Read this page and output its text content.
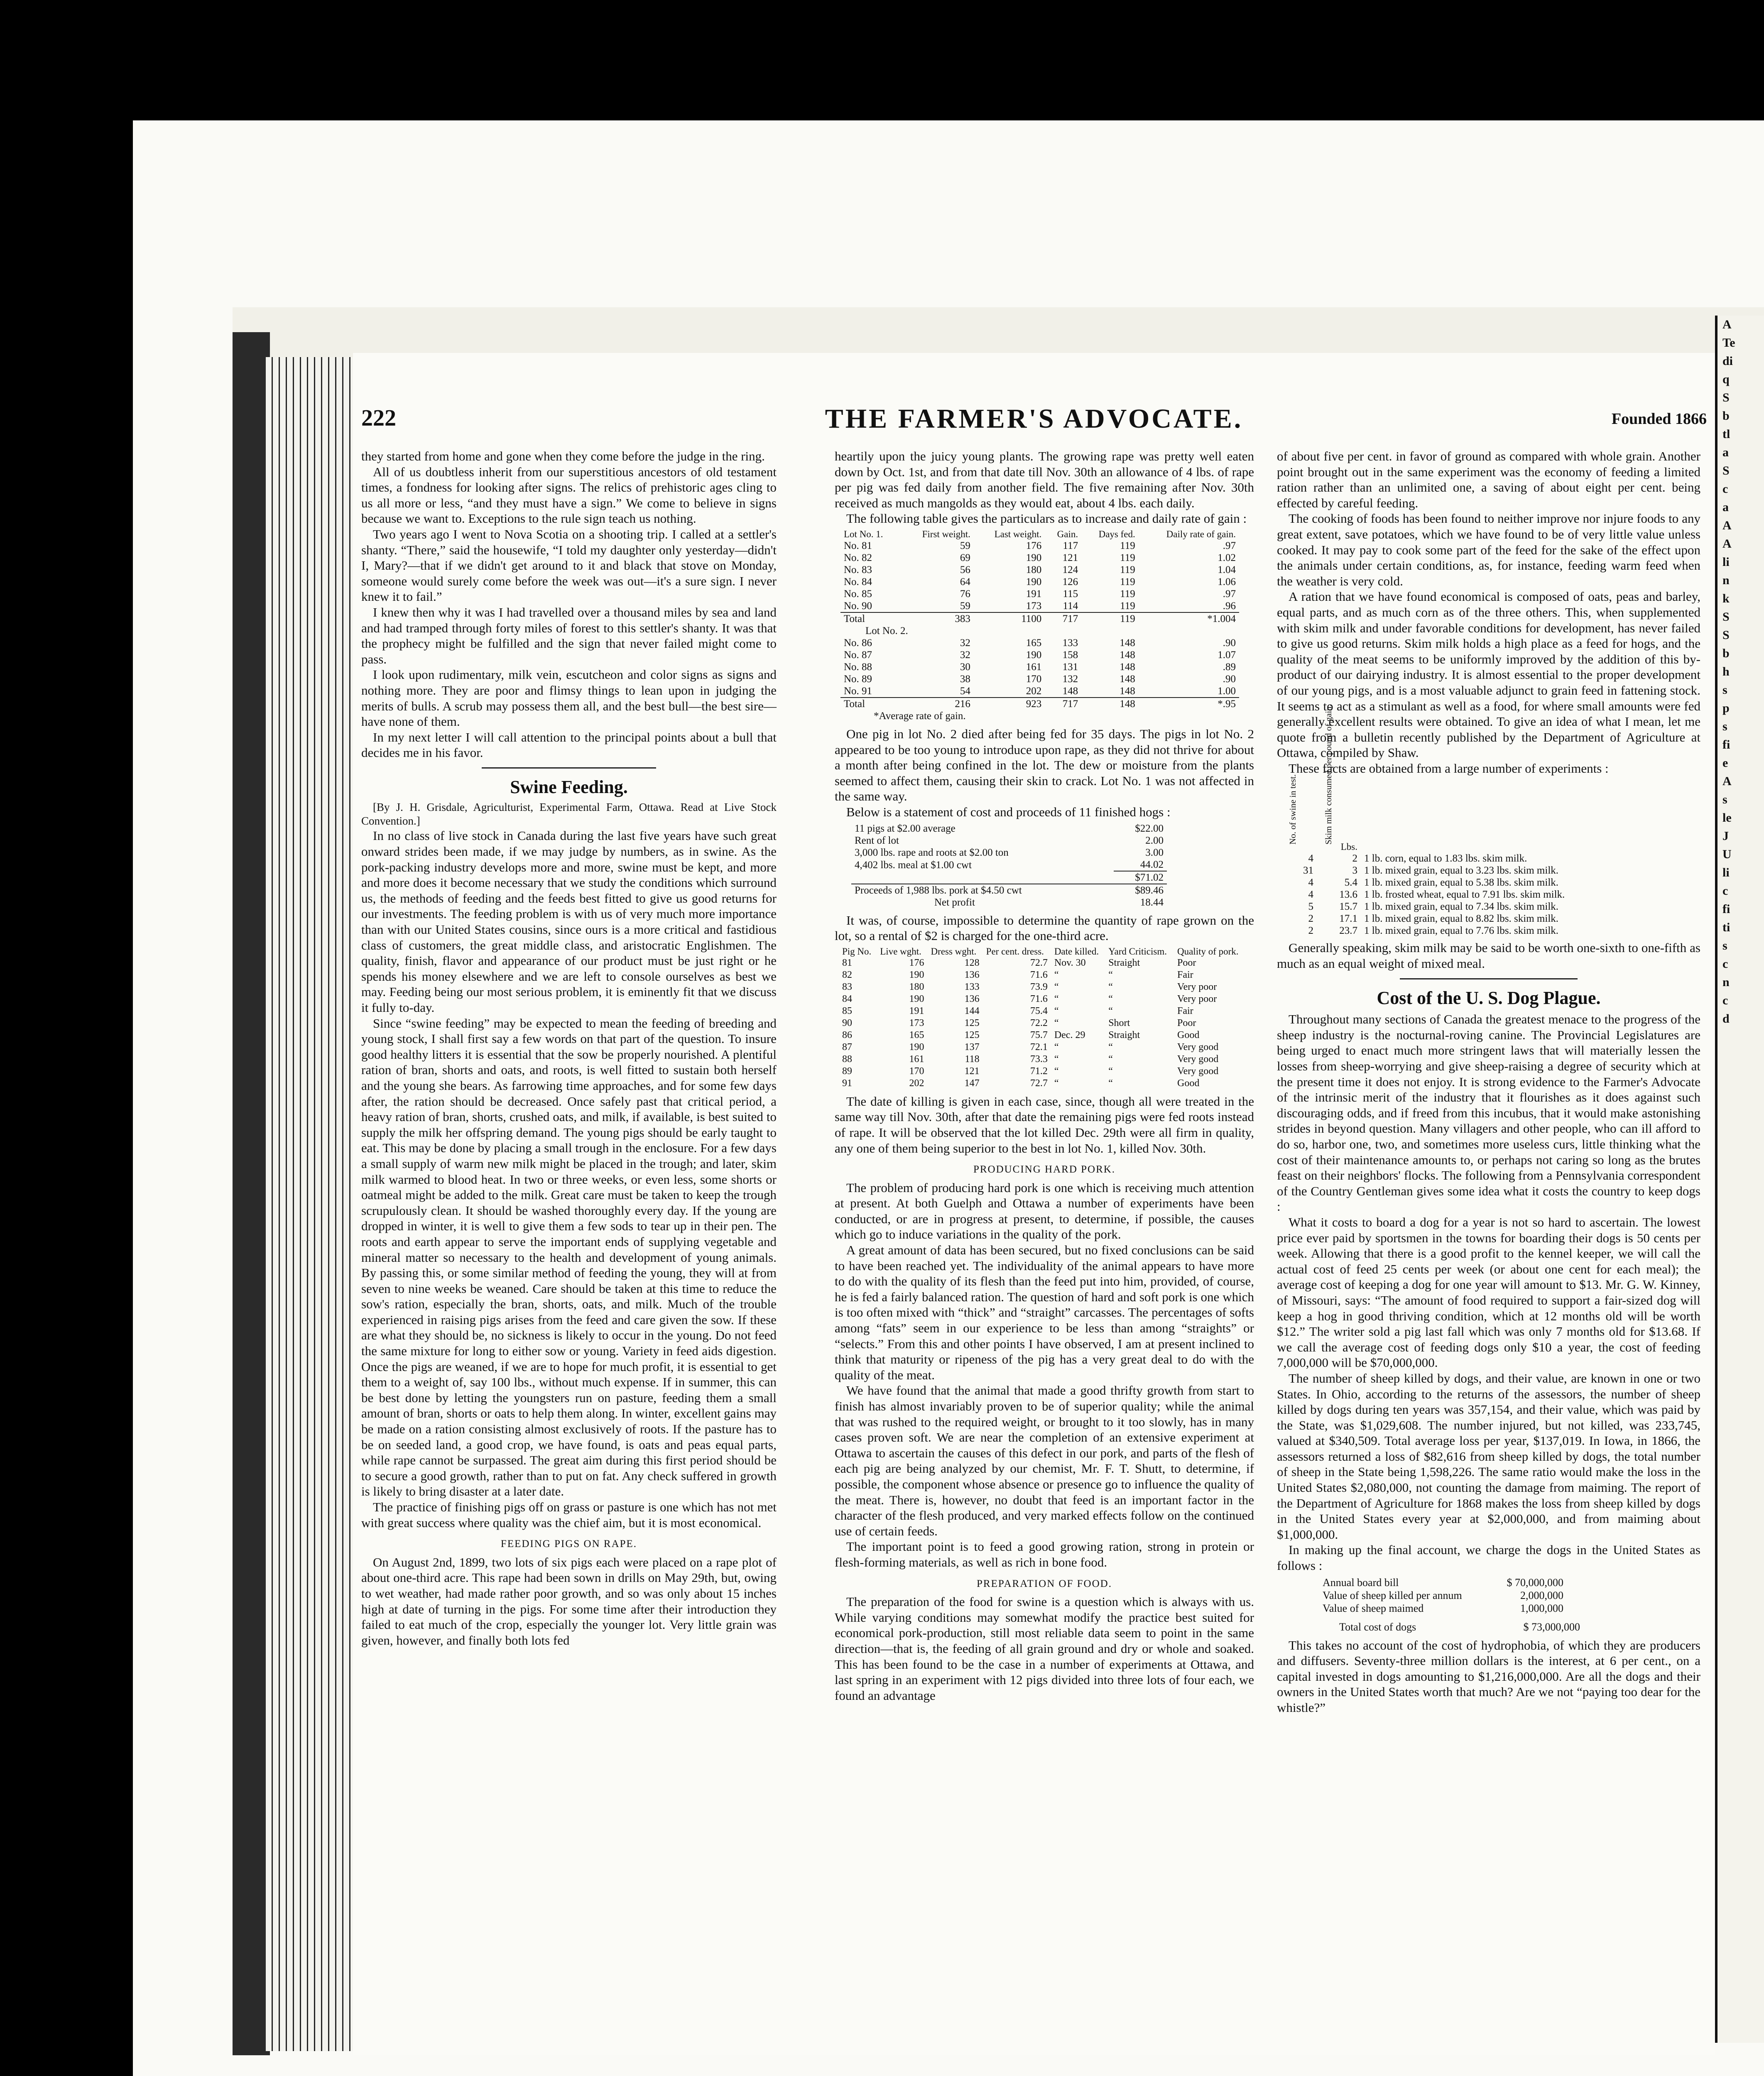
A
Te
di
q
S
b
tl
a
S
c
a
A
A
li
n
k
S
S
b
h
s
p
s
fi
e
A
s
le
J
U
li
c
fi
ti
s
c
n
c
d
222	THE FARMER'S ADVOCATE.	Founded 1866

they started from home and gone when they come before the judge in the ring.

All of us doubtless inherit from our superstitious ancestors of old testament times, a fondness for looking after signs. The relics of prehistoric ages cling to us all more or less, “and they must have a sign.” We come to believe in signs because we want to. Exceptions to the rule sign teach us nothing.

Two years ago I went to Nova Scotia on a shooting trip. I called at a settler's shanty. “There,” said the housewife, “I told my daughter only yesterday—didn't I, Mary?—that if we didn't get around to it and black that stove on Monday, someone would surely come before the week was out—it's a sure sign. I never knew it to fail.”

I knew then why it was I had travelled over a thousand miles by sea and land and had tramped through forty miles of forest to this settler's shanty. It was that the prophecy might be fulfilled and the sign that never failed might come to pass.

I look upon rudimentary, milk vein, escutcheon and color signs as signs and nothing more. They are poor and flimsy things to lean upon in judging the merits of bulls. A scrub may possess them all, and the best bull—the best sire—have none of them.

In my next letter I will call attention to the principal points about a bull that decides me in his favor.

Swine Feeding.

[By J. H. Grisdale, Agriculturist, Experimental Farm, Ottawa. Read at Live Stock Convention.]

In no class of live stock in Canada during the last five years have such great onward strides been made, if we may judge by numbers, as in swine. As the pork-packing industry develops more and more, swine must be kept, and more and more does it become necessary that we study the conditions which surround us, the methods of feeding and the feeds best fitted to give us good returns for our investments. The feeding problem is with us of very much more importance than with our United States cousins, since ours is a more critical and fastidious class of customers, the great middle class, and aristocratic Englishmen. The quality, finish, flavor and appearance of our product must be just right or he spends his money elsewhere and we are left to console ourselves as best we may. Feeding being our most serious problem, it is eminently fit that we discuss it fully to-day.

Since “swine feeding” may be expected to mean the feeding of breeding and young stock, I shall first say a few words on that part of the question. To insure good healthy litters it is essential that the sow be properly nourished. A plentiful ration of bran, shorts and oats, and roots, is well fitted to sustain both herself and the young she bears. As farrowing time approaches, and for some few days after, the ration should be decreased. Once safely past that critical period, a heavy ration of bran, shorts, crushed oats, and milk, if available, is best suited to supply the milk her offspring demand. The young pigs should be early taught to eat. This may be done by placing a small trough in the enclosure. For a few days a small supply of warm new milk might be placed in the trough; and later, skim milk warmed to blood heat. In two or three weeks, or even less, some shorts or oatmeal might be added to the milk. Great care must be taken to keep the trough scrupulously clean. It should be washed thoroughly every day. If the young are dropped in winter, it is well to give them a few sods to tear up in their pen. The roots and earth appear to serve the important ends of supplying vegetable and mineral matter so necessary to the health and development of young animals. By passing this, or some similar method of feeding the young, they will at from seven to nine weeks be weaned. Care should be taken at this time to reduce the sow's ration, especially the bran, shorts, oats, and milk. Much of the trouble experienced in raising pigs arises from the feed and care given the sow. If these are what they should be, no sickness is likely to occur in the young. Do not feed the same mixture for long to either sow or young. Variety in feed aids digestion. Once the pigs are weaned, if we are to hope for much profit, it is essential to get them to a weight of, say 100 lbs., without much expense. If in summer, this can be best done by letting the youngsters run on pasture, feeding them a small amount of bran, shorts or oats to help them along. In winter, excellent gains may be made on a ration consisting almost exclusively of roots. If the pasture has to be on seeded land, a good crop, we have found, is oats and peas equal parts, while rape cannot be surpassed. The great aim during this first period should be to secure a good growth, rather than to put on fat. Any check suffered in growth is likely to bring disaster at a later date.

The practice of finishing pigs off on grass or pasture is one which has not met with great success where quality was the chief aim, but it is most economical.

FEEDING PIGS ON RAPE.

On August 2nd, 1899, two lots of six pigs each were placed on a rape plot of about one-third acre. This rape had been sown in drills on May 29th, but, owing to wet weather, had made rather poor growth, and so was only about 15 inches high at date of turning in the pigs. For some time after their introduction they failed to eat much of the crop, especially the younger lot. Very little grain was given, however, and finally both lots fed

heartily upon the juicy young plants. The growing rape was pretty well eaten down by Oct. 1st, and from that date till Nov. 30th an allowance of 4 lbs. of rape per pig was fed daily from another field. The five remaining after Nov. 30th received as much mangolds as they would eat, about 4 lbs. each daily.

The following table gives the particulars as to increase and daily rate of gain :

Lot No. 1.	First weight.	Last weight.	Gain.	Days fed.	Daily rate of gain.
No. 81	59	176	117	119	.97
No. 82	69	190	121	119	1.02
No. 83	56	180	124	119	1.04
No. 84	64	190	126	119	1.06
No. 85	76	191	115	119	.97
No. 90	59	173	114	119	.96
Total	383	1100	717	119	*1.004
Lot No. 2.					
No. 86	32	165	133	148	.90
No. 87	32	190	158	148	1.07
No. 88	30	161	131	148	.89
No. 89	38	170	132	148	.90
No. 91	54	202	148	148	1.00
Total	216	923	717	148	*.95
*Average rate of gain.					

One pig in lot No. 2 died after being fed for 35 days. The pigs in lot No. 2 appeared to be too young to introduce upon rape, as they did not thrive for about a month after being confined in the lot. The dew or moisture from the plants seemed to affect them, causing their skin to crack. Lot No. 1 was not affected in the same way.

Below is a statement of cost and proceeds of 11 finished hogs :

11 pigs at $2.00 average	$22.00
Rent of lot	2.00
3,000 lbs. rape and roots at $2.00 ton	3.00
4,402 lbs. meal at $1.00 cwt	44.02
	$71.02
Proceeds of 1,988 lbs. pork at $4.50 cwt	$89.46
Net profit	18.44

It was, of course, impossible to determine the quantity of rape grown on the lot, so a rental of $2 is charged for the one-third acre.

Pig No.	Live wght.	Dress wght.	Per cent. dress.	Date killed.	Yard Criticism.	Quality of pork.
81	176	128	72.7	Nov. 30	Straight	Poor
82	190	136	71.6	“	“	Fair
83	180	133	73.9	“	“	Very poor
84	190	136	71.6	“	“	Very poor
85	191	144	75.4	“	“	Fair
90	173	125	72.2	“	Short	Poor
86	165	125	75.7	Dec. 29	Straight	Good
87	190	137	72.1	“	“	Very good
88	161	118	73.3	“	“	Very good
89	170	121	71.2	“	“	Very good
91	202	147	72.7	“	“	Good

The date of killing is given in each case, since, though all were treated in the same way till Nov. 30th, after that date the remaining pigs were fed roots instead of rape. It will be observed that the lot killed Dec. 29th were all firm in quality, any one of them being superior to the best in lot No. 1, killed Nov. 30th.

PRODUCING HARD PORK.

The problem of producing hard pork is one which is receiving much attention at present. At both Guelph and Ottawa a number of experiments have been conducted, or are in progress at present, to determine, if possible, the causes which go to induce variations in the quality of the pork.

A great amount of data has been secured, but no fixed conclusions can be said to have been reached yet. The individuality of the animal appears to have more to do with the quality of its flesh than the feed put into him, provided, of course, he is fed a fairly balanced ration. The question of hard and soft pork is one which is too often mixed with “thick” and “straight” carcasses. The percentages of softs among “fats” seem in our experience to be less than among “straights” or “selects.” From this and other points I have observed, I am at present inclined to think that maturity or ripeness of the pig has a very great deal to do with the quality of the meat.

We have found that the animal that made a good thrifty growth from start to finish has almost invariably proven to be of superior quality; while the animal that was rushed to the required weight, or brought to it too slowly, has in many cases proven soft. We are near the completion of an extensive experiment at Ottawa to ascertain the causes of this defect in our pork, and parts of the flesh of each pig are being analyzed by our chemist, Mr. F. T. Shutt, to determine, if possible, the component whose absence or presence go to influence the quality of the meat. There is, however, no doubt that feed is an important factor in the character of the flesh produced, and very marked effects follow on the continued use of certain feeds.

The important point is to feed a good growing ration, strong in protein or flesh-forming materials, as well as rich in bone food.

PREPARATION OF FOOD.

The preparation of the food for swine is a question which is always with us. While varying conditions may somewhat modify the practice best suited for economical pork-production, still most reliable data seem to point in the same direction—that is, the feeding of all grain ground and dry or whole and soaked. This has been found to be the case in a number of experiments at Ottawa, and last spring in an experiment with 12 pigs divided into three lots of four each, we found an advantage

of about five per cent. in favor of ground as compared with whole grain. Another point brought out in the same experiment was the economy of feeding a limited ration rather than an unlimited one, a saving of about eight per cent. being effected by careful feeding.

The cooking of foods has been found to neither improve nor injure foods to any great extent, save potatoes, which we have found to be of very little value unless cooked. It may pay to cook some part of the feed for the sake of the effect upon the animals under certain conditions, as, for instance, feeding warm feed when the weather is very cold.

A ration that we have found economical is composed of oats, peas and barley, equal parts, and as much corn as of the three others. This, when supplemented with skim milk and under favorable conditions for development, has never failed to give us good returns. Skim milk holds a high place as a feed for hogs, and the quality of the meat seems to be uniformly improved by the addition of this by-product of our dairying industry. It is almost essential to the proper development of our young pigs, and is a most valuable adjunct to grain feed in fattening stock. It seems to act as a stimulant as well as a food, for where small amounts were fed generally excellent results were obtained. To give an idea of what I mean, let me quote from a bulletin recently published by the Department of Agriculture at Ottawa, compiled by Shaw.

These facts are obtained from a large number of experiments :

No. of swine in test.	Skim milk consumed per pound of gain.	

	Lbs.	
4	2	1 lb. corn, equal to 1.83 lbs. skim milk.
31	3	1 lb. mixed grain, equal to 3.23 lbs. skim milk.
4	5.4	1 lb. mixed grain, equal to 5.38 lbs. skim milk.
4	13.6	1 lb. frosted wheat, equal to 7.91 lbs. skim milk.
5	15.7	1 lb. mixed grain, equal to 7.34 lbs. skim milk.
2	17.1	1 lb. mixed grain, equal to 8.82 lbs. skim milk.
2	23.7	1 lb. mixed grain, equal to 7.76 lbs. skim milk.

Generally speaking, skim milk may be said to be worth one-sixth to one-fifth as much as an equal weight of mixed meal.

Cost of the U. S. Dog Plague.

Throughout many sections of Canada the greatest menace to the progress of the sheep industry is the nocturnal-roving canine. The Provincial Legislatures are being urged to enact much more stringent laws that will materially lessen the losses from sheep-worrying and give sheep-raising a degree of security which at the present time it does not enjoy. It is strong evidence to the Farmer's Advocate of the intrinsic merit of the industry that it flourishes as it does against such discouraging odds, and if freed from this incubus, that it would make astonishing strides in beyond question. Many villagers and other people, who can ill afford to do so, harbor one, two, and sometimes more useless curs, little thinking what the cost of their maintenance amounts to, or perhaps not caring so long as the brutes feast on their neighbors' flocks. The following from a Pennsylvania correspondent of the Country Gentleman gives some idea what it costs the country to keep dogs :

What it costs to board a dog for a year is not so hard to ascertain. The lowest price ever paid by sportsmen in the towns for boarding their dogs is 50 cents per week. Allowing that there is a good profit to the kennel keeper, we will call the actual cost of feed 25 cents per week (or about one cent for each meal); the average cost of keeping a dog for one year will amount to $13. Mr. G. W. Kinney, of Missouri, says: “The amount of food required to support a fair-sized dog will keep a hog in good thriving condition, which at 12 months old will be worth $12.” The writer sold a pig last fall which was only 7 months old for $13.68. If we call the average cost of feeding dogs only $10 a year, the cost of feeding 7,000,000 will be $70,000,000.

The number of sheep killed by dogs, and their value, are known in one or two States. In Ohio, according to the returns of the assessors, the number of sheep killed by dogs during ten years was 357,154, and their value, which was paid by the State, was $1,029,608. The number injured, but not killed, was 233,745, valued at $340,509. Total average loss per year, $137,019. In Iowa, in 1866, the assessors returned a loss of $82,616 from sheep killed by dogs, the total number of sheep in the State being 1,598,226. The same ratio would make the loss in the United States $2,080,000, not counting the damage from maiming. The report of the Department of Agriculture for 1868 makes the loss from sheep killed by dogs in the United States every year at $2,000,000, and from maiming about $1,000,000.

In making up the final account, we charge the dogs in the United States as follows :

Annual board bill	$ 70,000,000
Value of sheep killed per annum	2,000,000
Value of sheep maimed	1,000,000
Total cost of dogs	$ 73,000,000

This takes no account of the cost of hydrophobia, of which they are producers and diffusers. Seventy-three million dollars is the interest, at 6 per cent., on a capital invested in dogs amounting to $1,216,000,000. Are all the dogs and their owners in the United States worth that much? Are we not “paying too dear for the whistle?”
